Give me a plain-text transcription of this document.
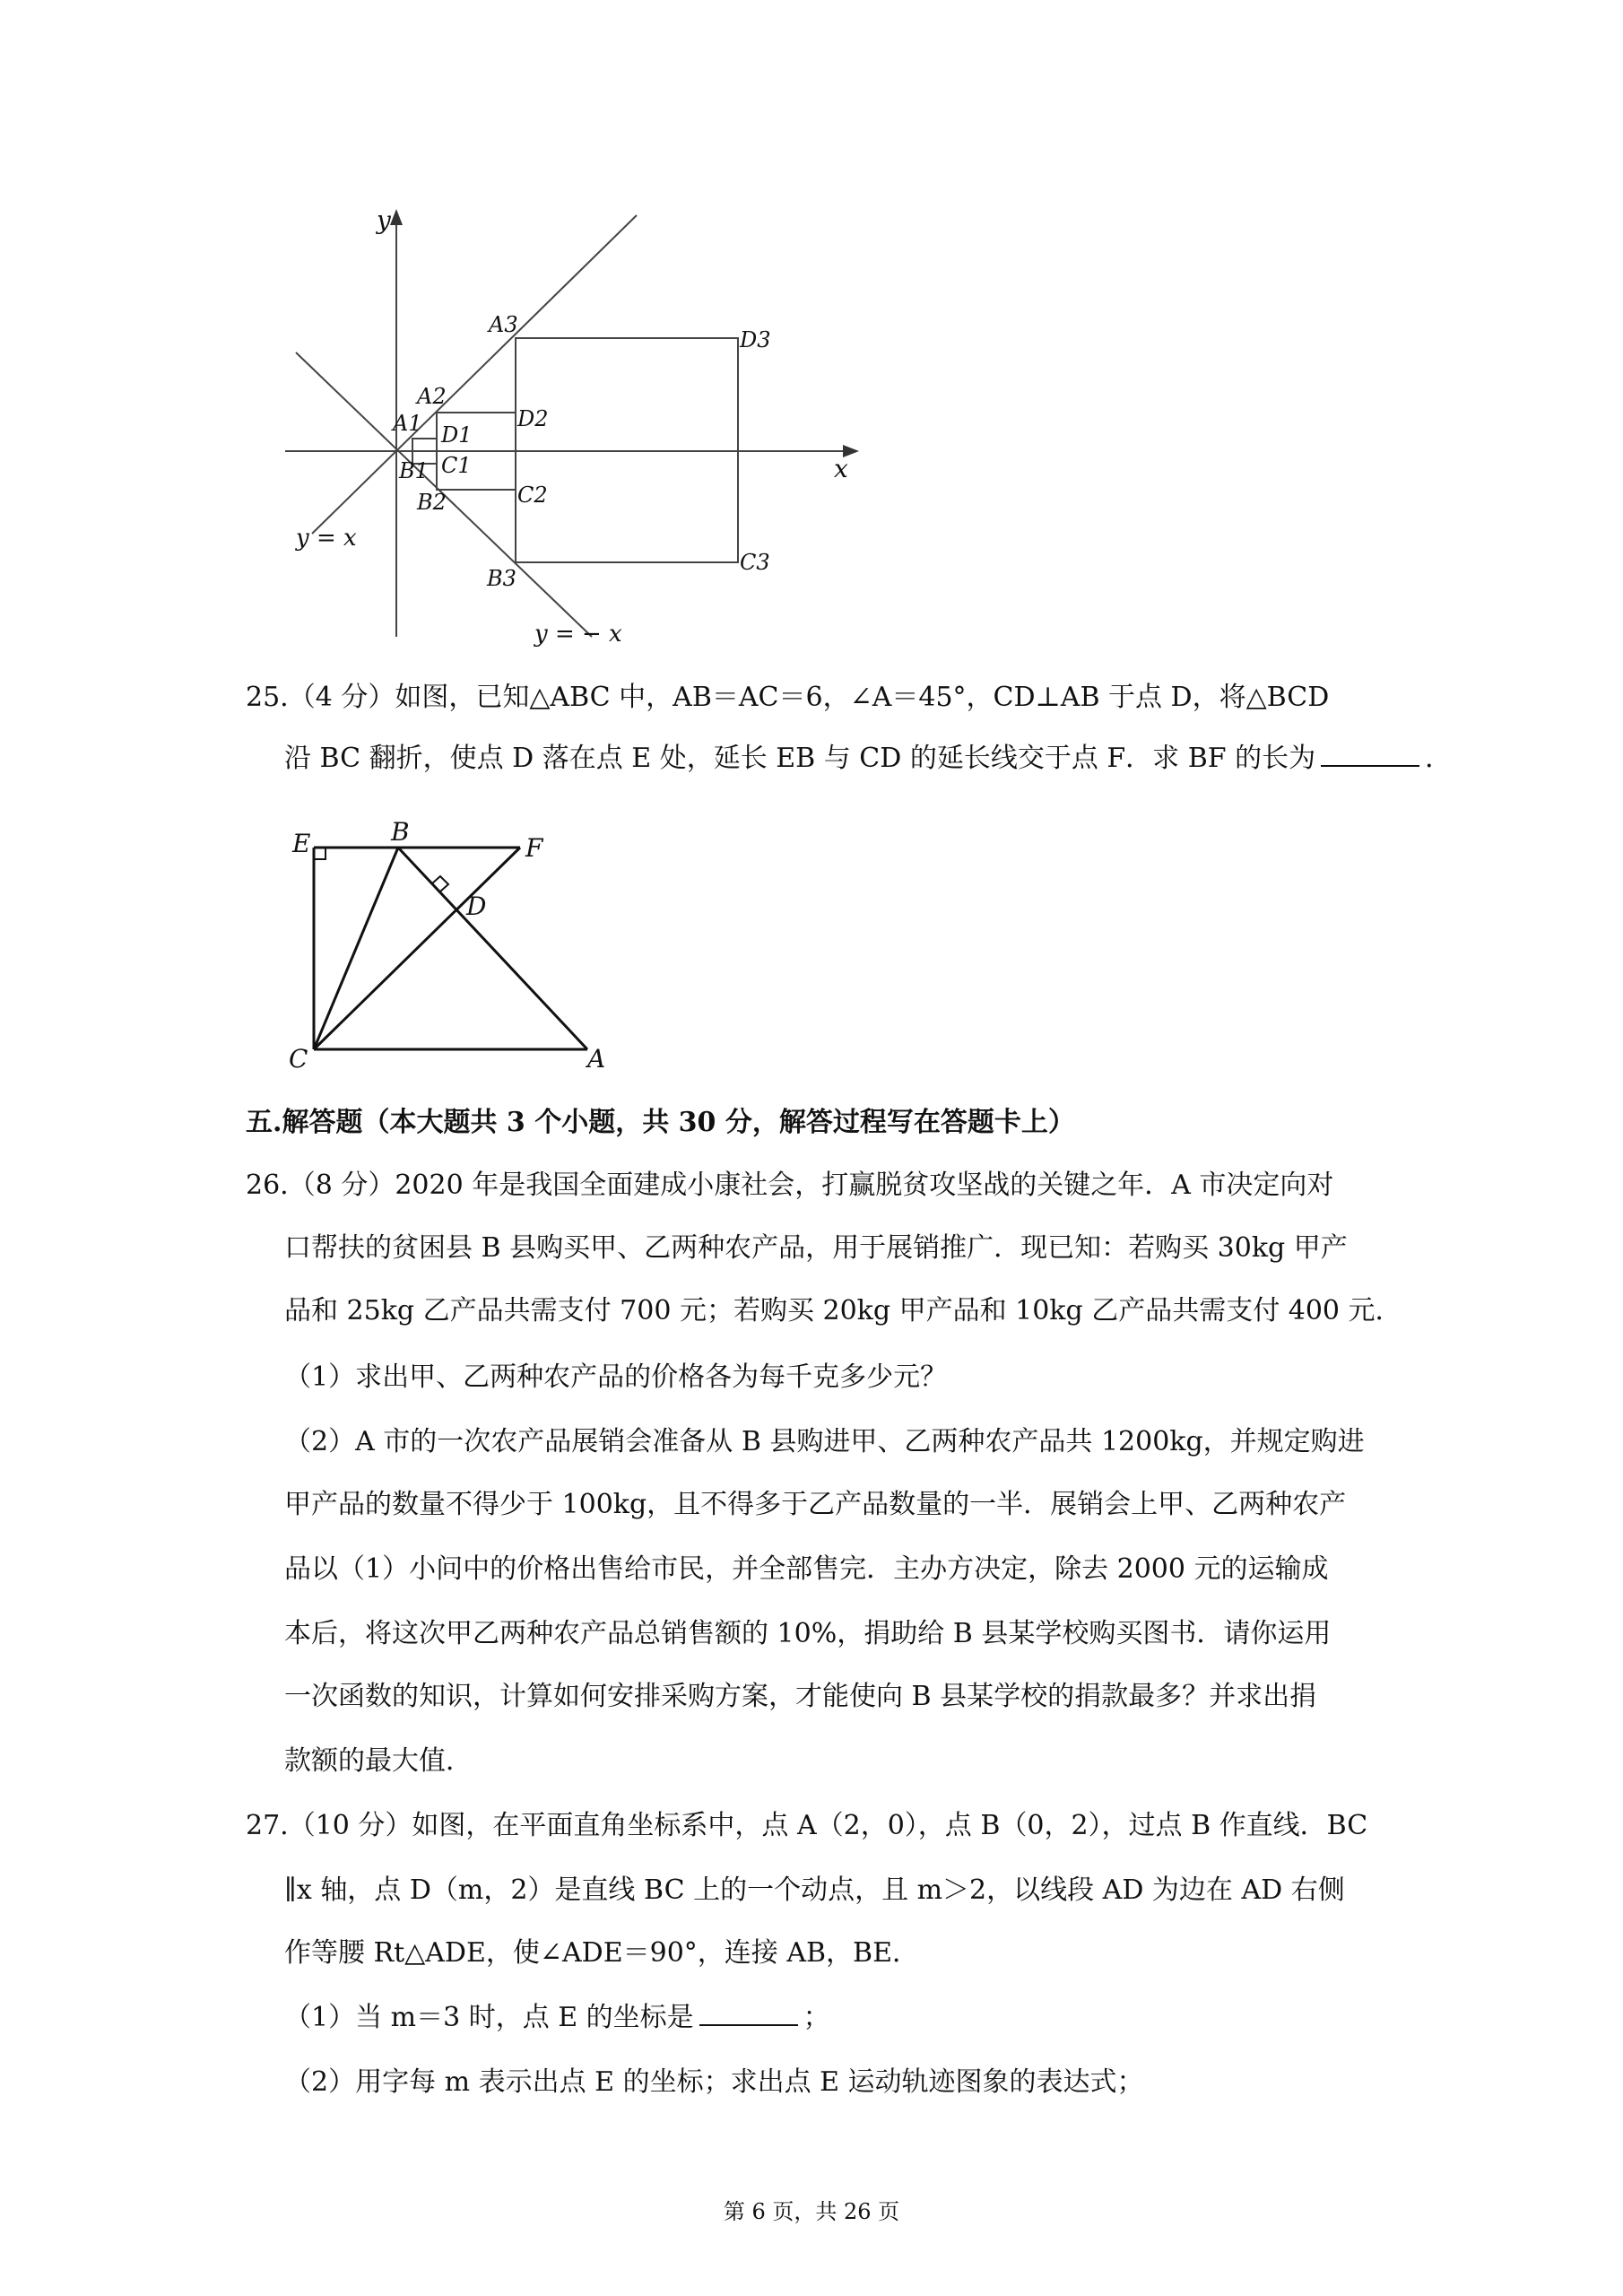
y
x
y = x
y = − x
A1
A2
A3
B1
B2
B3
C1
C2
C3
D1
D2
D3
25.（4 分）如图，已知△ABC 中，AB＝AC＝6，∠A＝45°，CD⊥AB 于点 D，将△BCD
沿 BC 翻折，使点 D 落在点 E 处，延长 EB 与 CD 的延长线交于点 F．求 BF 的长为	．
E	B
F
D
C	A
五.解答题（本大题共 3 个小题，共 30 分，解答过程写在答题卡上）
26.（8 分）2020 年是我国全面建成小康社会，打赢脱贫攻坚战的关键之年．A 市决定向对
口帮扶的贫困县 B 县购买甲、乙两种农产品，用于展销推广．现已知：若购买 30kg 甲产
品和 25kg 乙产品共需支付 700 元；若购买 20kg 甲产品和 10kg 乙产品共需支付 400 元．
（1）求出甲、乙两种农产品的价格各为每千克多少元？
（2）A 市的一次农产品展销会准备从 B 县购进甲、乙两种农产品共 1200kg，并规定购进
甲产品的数量不得少于 100kg，且不得多于乙产品数量的一半．展销会上甲、乙两种农产
品以（1）小问中的价格出售给市民，并全部售完．主办方决定，除去 2000 元的运输成
本后，将这次甲乙两种农产品总销售额的 10%，捐助给 B 县某学校购买图书．请你运用
一次函数的知识，计算如何安排采购方案，才能使向 B 县某学校的捐款最多？并求出捐
款额的最大值．
27.（10 分）如图，在平面直角坐标系中，点 A（2，0），点 B（0，2），过点 B 作直线．BC
∥x 轴，点 D（m，2）是直线 BC 上的一个动点，且 m＞2，以线段 AD 为边在 AD 右侧
作等腰 Rt△ADE，使∠ADE＝90°，连接 AB，BE．
（1）当 m＝3 时，点 E 的坐标是	；
（2）用字每 m 表示出点 E 的坐标；求出点 E 运动轨迹图象的表达式；
第 6 页，共 26 页
